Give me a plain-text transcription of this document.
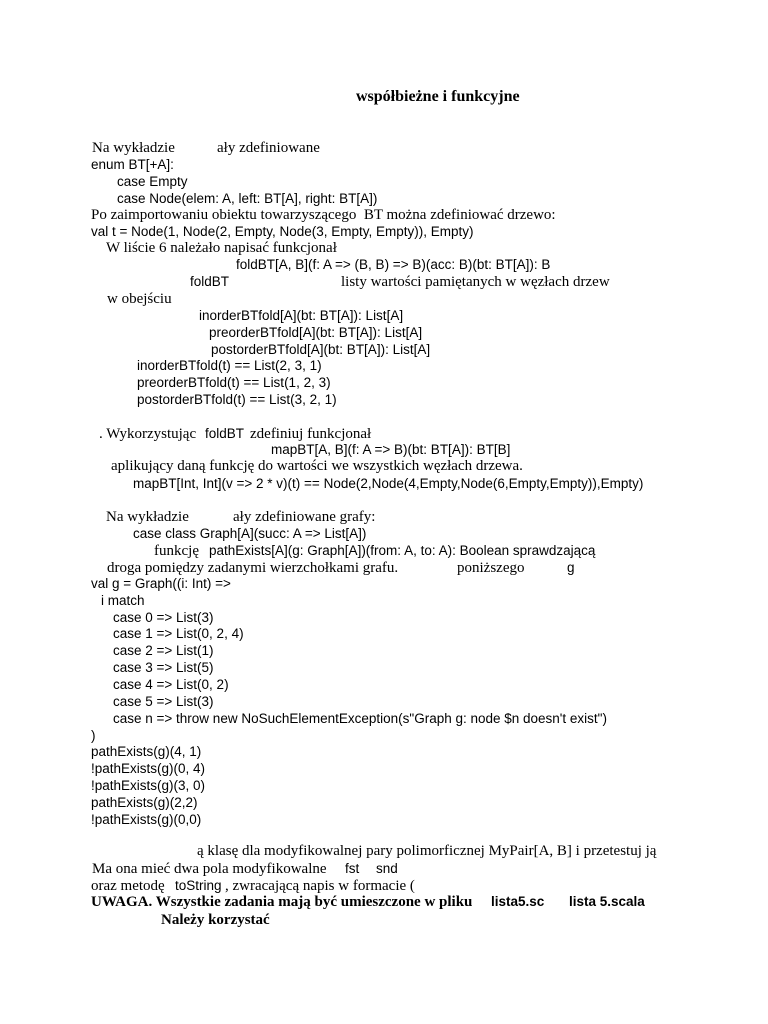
współbieżne i funkcyjne
Na wykładzie	ały zdefiniowane
enum BT[+A]:
case Empty
case Node(elem: A, left: BT[A], right: BT[A])
Po zaimportowaniu obiektu towarzyszącego  BT można zdefiniować drzewo:
val t = Node(1, Node(2, Empty, Node(3, Empty, Empty)), Empty)
W liście 6 należało napisać funkcjonał
foldBT[A, B](f: A => (B, B) => B)(acc: B)(bt: BT[A]): B
foldBT	listy wartości pamiętanych w węzłach drzew
w obejściu
inorderBTfold[A](bt: BT[A]): List[A]
preorderBTfold[A](bt: BT[A]): List[A]
postorderBTfold[A](bt: BT[A]): List[A]
inorderBTfold(t) == List(2, 3, 1)
preorderBTfold(t) == List(1, 2, 3)
postorderBTfold(t) == List(3, 2, 1)
. Wykorzystując foldBT zdefiniuj funkcjonał
mapBT[A, B](f: A => B)(bt: BT[A]): BT[B]
aplikujący daną funkcję do wartości we wszystkich węzłach drzewa.
mapBT[Int, Int](v => 2 * v)(t) == Node(2,Node(4,Empty,Node(6,Empty,Empty)),Empty)
Na wykładzie	ały zdefiniowane grafy:
case class Graph[A](succ: A => List[A])
funkcję pathExists[A](g: Graph[A])(from: A, to: A): Boolean sprawdzającą
droga pomiędzy zadanymi wierzchołkami grafu.	poniższego	g
val g = Graph((i: Int) =>
i match
case 0 => List(3)
case 1 => List(0, 2, 4)
case 2 => List(1)
case 3 => List(5)
case 4 => List(0, 2)
case 5 => List(3)
case n => throw new NoSuchElementException(s"Graph g: node $n doesn't exist")
)
pathExists(g)(4, 1)
!pathExists(g)(0, 4)
!pathExists(g)(3, 0)
pathExists(g)(2,2)
!pathExists(g)(0,0)
ą klasę dla modyfikowalnej pary polimorficznej MyPair[A, B] i przetestuj ją
Ma ona mieć dwa pola modyfikowalne fst snd
oraz metodę toString , zwracającą napis w formacie (
UWAGA. Wszystkie zadania mają być umieszczone w pliku lista5.sc lista 5.scala
Należy korzystać
